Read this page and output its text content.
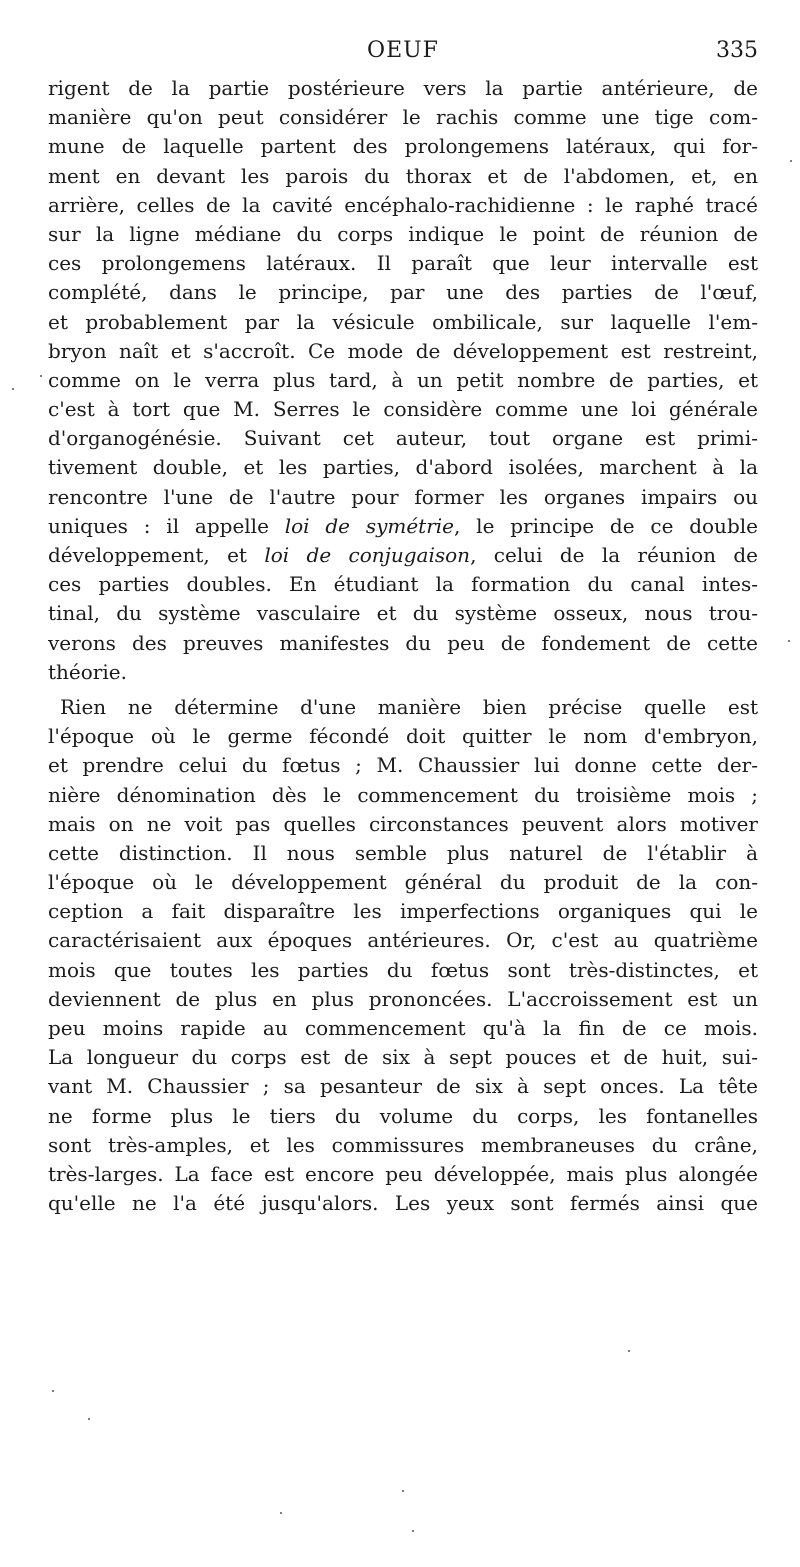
OEUF	335
rigent de la partie postérieure vers la partie antérieure, de
manière qu'on peut considérer le rachis comme une tige com-
mune de laquelle partent des prolongemens latéraux, qui for-
ment en devant les parois du thorax et de l'abdomen, et, en
arrière, celles de la cavité encéphalo-rachidienne : le raphé tracé
sur la ligne médiane du corps indique le point de réunion de
ces prolongemens latéraux. Il paraît que leur intervalle est
complété, dans le principe, par une des parties de l'œuf,
et probablement par la vésicule ombilicale, sur laquelle l'em-
bryon naît et s'accroît. Ce mode de développement est restreint,
comme on le verra plus tard, à un petit nombre de parties, et
c'est à tort que M. Serres le considère comme une loi générale
d'organogénésie. Suivant cet auteur, tout organe est primi-
tivement double, et les parties, d'abord isolées, marchent à la
rencontre l'une de l'autre pour former les organes impairs ou
uniques : il appelle loi de symétrie, le principe de ce double
développement, et loi de conjugaison, celui de la réunion de
ces parties doubles. En étudiant la formation du canal intes-
tinal, du système vasculaire et du système osseux, nous trou-
verons des preuves manifestes du peu de fondement de cette
théorie.
Rien ne détermine d'une manière bien précise quelle est
l'époque où le germe fécondé doit quitter le nom d'embryon,
et prendre celui du fœtus ; M. Chaussier lui donne cette der-
nière dénomination dès le commencement du troisième mois ;
mais on ne voit pas quelles circonstances peuvent alors motiver
cette distinction. Il nous semble plus naturel de l'établir à
l'époque où le développement général du produit de la con-
ception a fait disparaître les imperfections organiques qui le
caractérisaient aux époques antérieures. Or, c'est au quatrième
mois que toutes les parties du fœtus sont très-distinctes, et
deviennent de plus en plus prononcées. L'accroissement est un
peu moins rapide au commencement qu'à la fin de ce mois.
La longueur du corps est de six à sept pouces et de huit, sui-
vant M. Chaussier ; sa pesanteur de six à sept onces. La tête
ne forme plus le tiers du volume du corps, les fontanelles
sont très-amples, et les commissures membraneuses du crâne,
très-larges. La face est encore peu développée, mais plus alongée
qu'elle ne l'a été jusqu'alors. Les yeux sont fermés ainsi que
